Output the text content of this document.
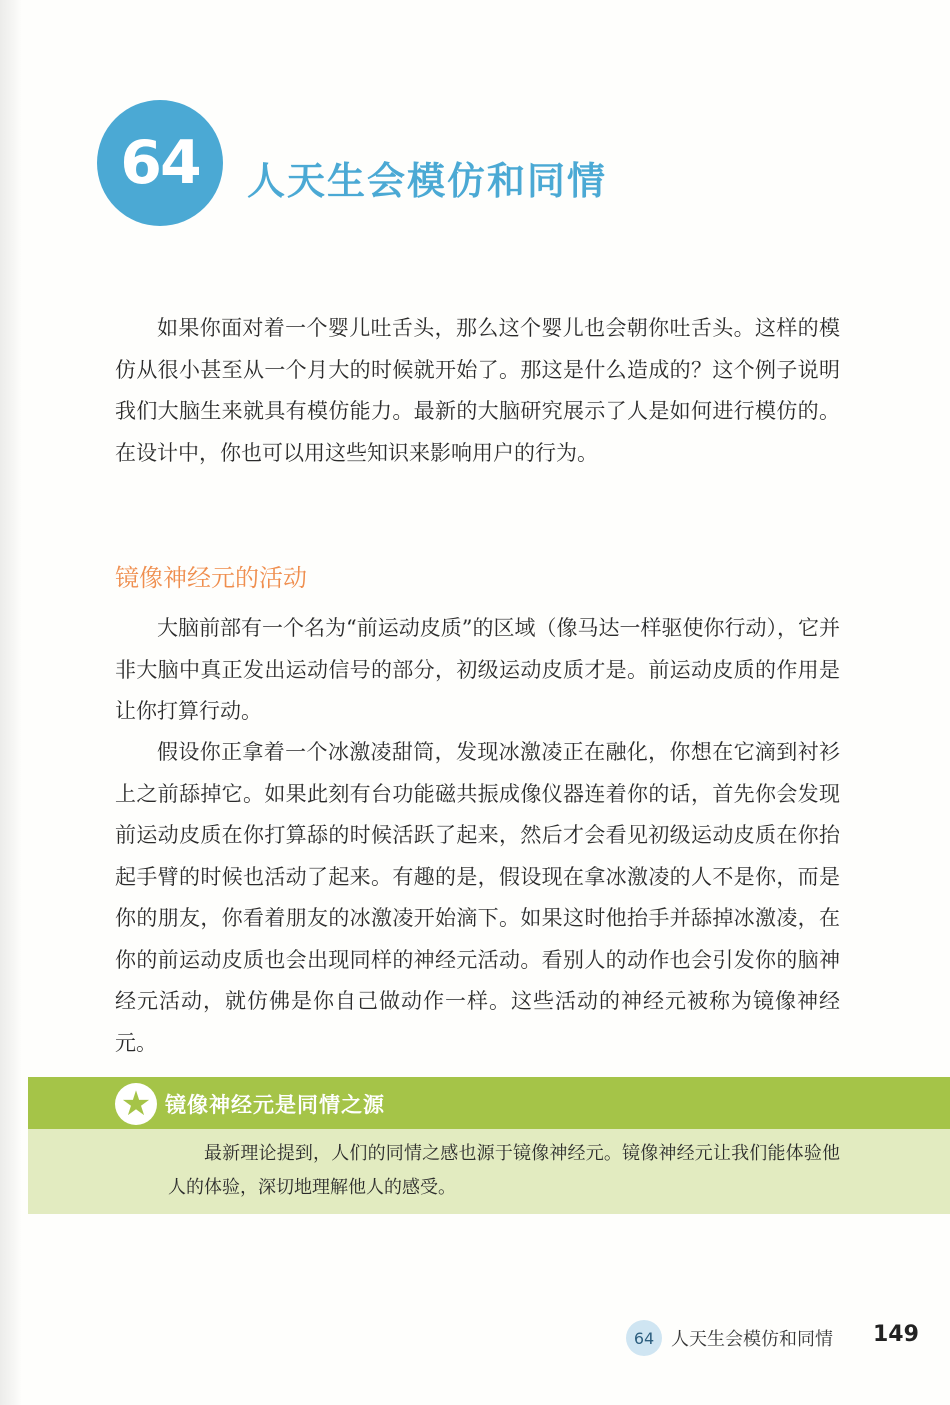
64 人天生会模仿和同情

如果你面对着一个婴儿吐舌头，那么这个婴儿也会朝你吐舌头。这样的模仿从很小甚至从一个月大的时候就开始了。那这是什么造成的？这个例子说明我们大脑生来就具有模仿能力。最新的大脑研究展示了人是如何进行模仿的。在设计中，你也可以用这些知识来影响用户的行为。

镜像神经元的活动

大脑前部有一个名为“前运动皮质”的区域（像马达一样驱使你行动），它并非大脑中真正发出运动信号的部分，初级运动皮质才是。前运动皮质的作用是让你打算行动。

假设你正拿着一个冰激凌甜筒，发现冰激凌正在融化，你想在它滴到衬衫上之前舔掉它。如果此刻有台功能磁共振成像仪器连着你的话，首先你会发现前运动皮质在你打算舔的时候活跃了起来，然后才会看见初级运动皮质在你抬起手臂的时候也活动了起来。有趣的是，假设现在拿冰激凌的人不是你，而是你的朋友，你看着朋友的冰激凌开始滴下。如果这时他抬手并舔掉冰激凌，在你的前运动皮质也会出现同样的神经元活动。看别人的动作也会引发你的脑神经元活动，就仿佛是你自己做动作一样。这些活动的神经元被称为镜像神经元。

★ 镜像神经元是同情之源

最新理论提到，人们的同情之感也源于镜像神经元。镜像神经元让我们能体验他人的体验，深切地理解他人的感受。

64 人天生会模仿和同情 149
